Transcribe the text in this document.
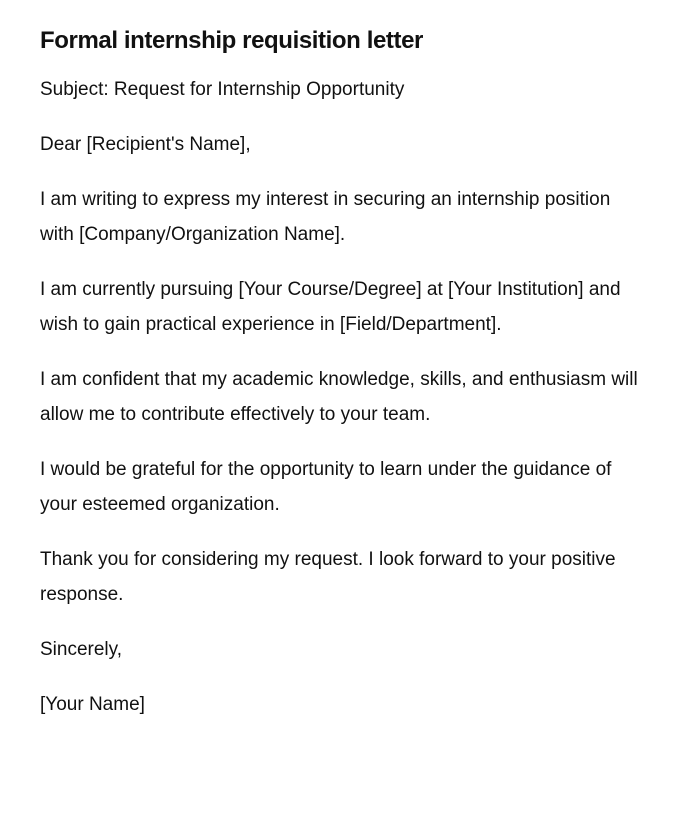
Formal internship requisition letter

Subject: Request for Internship Opportunity

Dear [Recipient's Name],

I am writing to express my interest in securing an internship position with [Company/Organization Name].

I am currently pursuing [Your Course/Degree] at [Your Institution] and wish to gain practical experience in [Field/Department].

I am confident that my academic knowledge, skills, and enthusiasm will allow me to contribute effectively to your team.

I would be grateful for the opportunity to learn under the guidance of your esteemed organization.

Thank you for considering my request. I look forward to your positive response.

Sincerely,

[Your Name]
